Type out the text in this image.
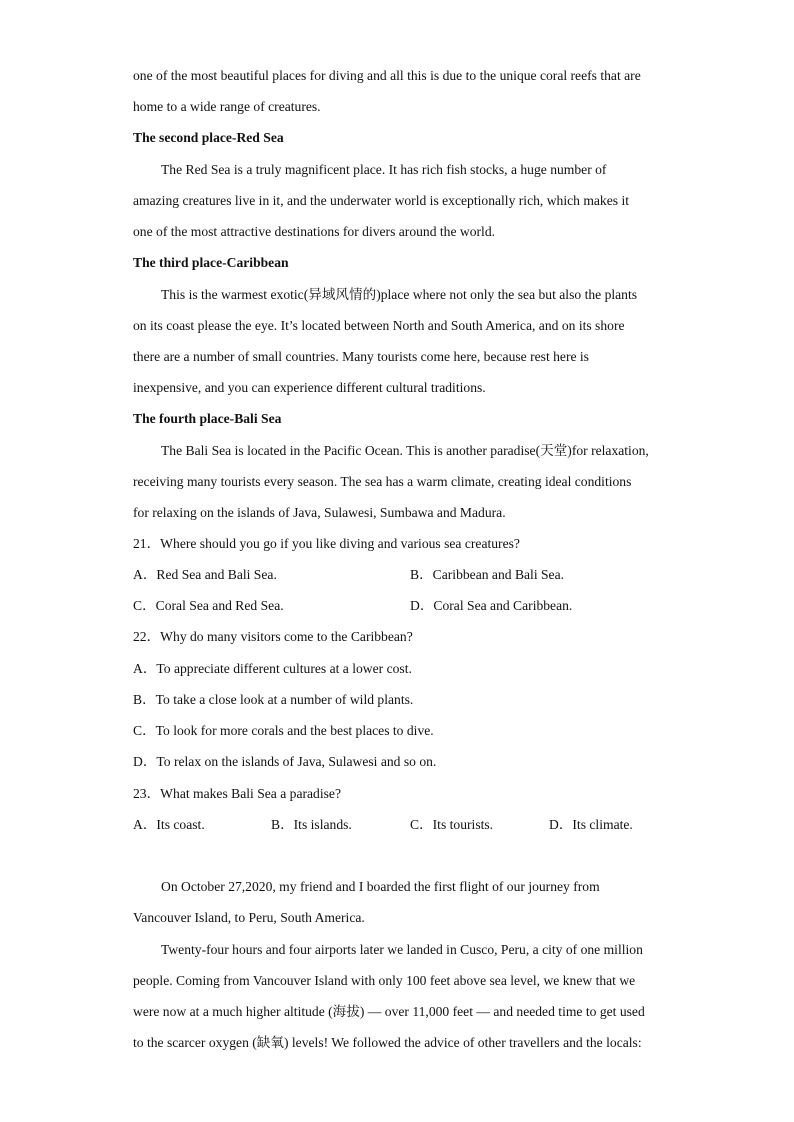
one of the most beautiful places for diving and all this is due to the unique coral reefs that are
home to a wide range of creatures.
The second place-Red Sea
The Red Sea is a truly magnificent place. It has rich fish stocks, a huge number of
amazing creatures live in it, and the underwater world is exceptionally rich, which makes it
one of the most attractive destinations for divers around the world.
The third place-Caribbean
This is the warmest exotic(异域风情的)place where not only the sea but also the plants
on its coast please the eye. It’s located between North and South America, and on its shore
there are a number of small countries. Many tourists come here, because rest here is
inexpensive, and you can experience different cultural traditions.
The fourth place-Bali Sea
The Bali Sea is located in the Pacific Ocean. This is another paradise(天堂)for relaxation,
receiving many tourists every season. The sea has a warm climate, creating ideal conditions
for relaxing on the islands of Java, Sulawesi, Sumbawa and Madura.
21．Where should you go if you like diving and various sea creatures?
A．Red Sea and Bali Sea.	B．Caribbean and Bali Sea.
C．Coral Sea and Red Sea.	D．Coral Sea and Caribbean.
22．Why do many visitors come to the Caribbean?
A．To appreciate different cultures at a lower cost.
B．To take a close look at a number of wild plants.
C．To look for more corals and the best places to dive.
D．To relax on the islands of Java, Sulawesi and so on.
23．What makes Bali Sea a paradise?
A．Its coast.	B．Its islands.	C．Its tourists.	D．Its climate.
On October 27,2020, my friend and I boarded the first flight of our journey from
Vancouver Island, to Peru, South America.
Twenty-four hours and four airports later we landed in Cusco, Peru, a city of one million
people. Coming from Vancouver Island with only 100 feet above sea level, we knew that we
were now at a much higher altitude (海拔) — over 11,000 feet — and needed time to get used
to the scarcer oxygen (缺氧) levels! We followed the advice of other travellers and the locals:
